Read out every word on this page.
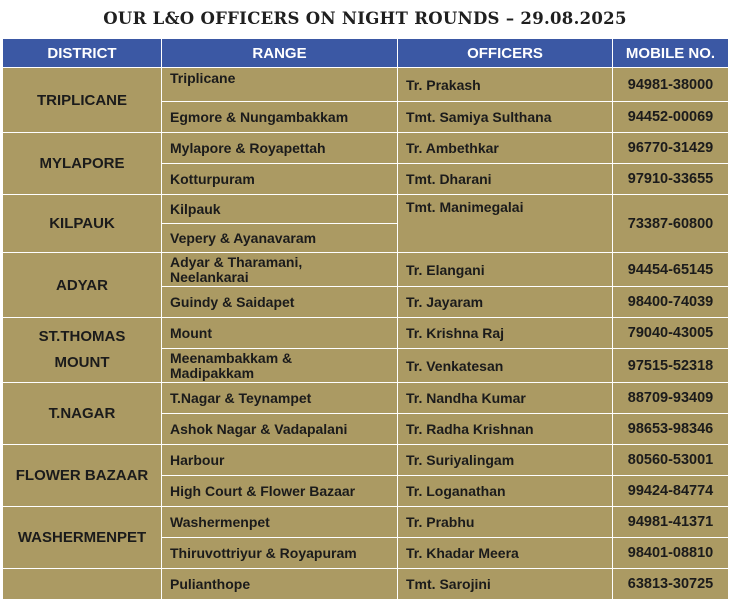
OUR L&O OFFICERS ON NIGHT ROUNDS – 29.08.2025
DISTRICT	RANGE	OFFICERS	MOBILE NO.
TRIPLICANE	Triplicane	Tr. Prakash	94981-38000
	Egmore & Nungambakkam	Tmt. Samiya Sulthana	94452-00069
MYLAPORE	Mylapore & Royapettah	Tr. Ambethkar	96770-31429
	Kotturpuram	Tmt. Dharani	97910-33655
KILPAUK	Kilpauk	Tmt. Manimegalai	73387-60800
	Vepery & Ayanavaram		
ADYAR	Adyar & Tharamani,
Neelankarai	Tr. Elangani	94454-65145
	Guindy & Saidapet	Tr. Jayaram	98400-74039

ST.THOMAS
MOUNT	Mount	Tr. Krishna Raj	79040-43005

	Meenambakkam &
Madipakkam	Tr. Venkatesan	97515-52318
T.NAGAR	T.Nagar & Teynampet	Tr. Nandha Kumar	88709-93409
	Ashok Nagar & Vadapalani	Tr. Radha Krishnan	98653-98346
FLOWER BAZAAR	Harbour	Tr. Suriyalingam	80560-53001
	High Court & Flower Bazaar	Tr. Loganathan	99424-84774
WASHERMENPET	Washermenpet	Tr. Prabhu	94981-41371
	Thiruvottriyur & Royapuram	Tr. Khadar Meera	98401-08810
	Pulianthope	Tmt. Sarojini	63813-30725
